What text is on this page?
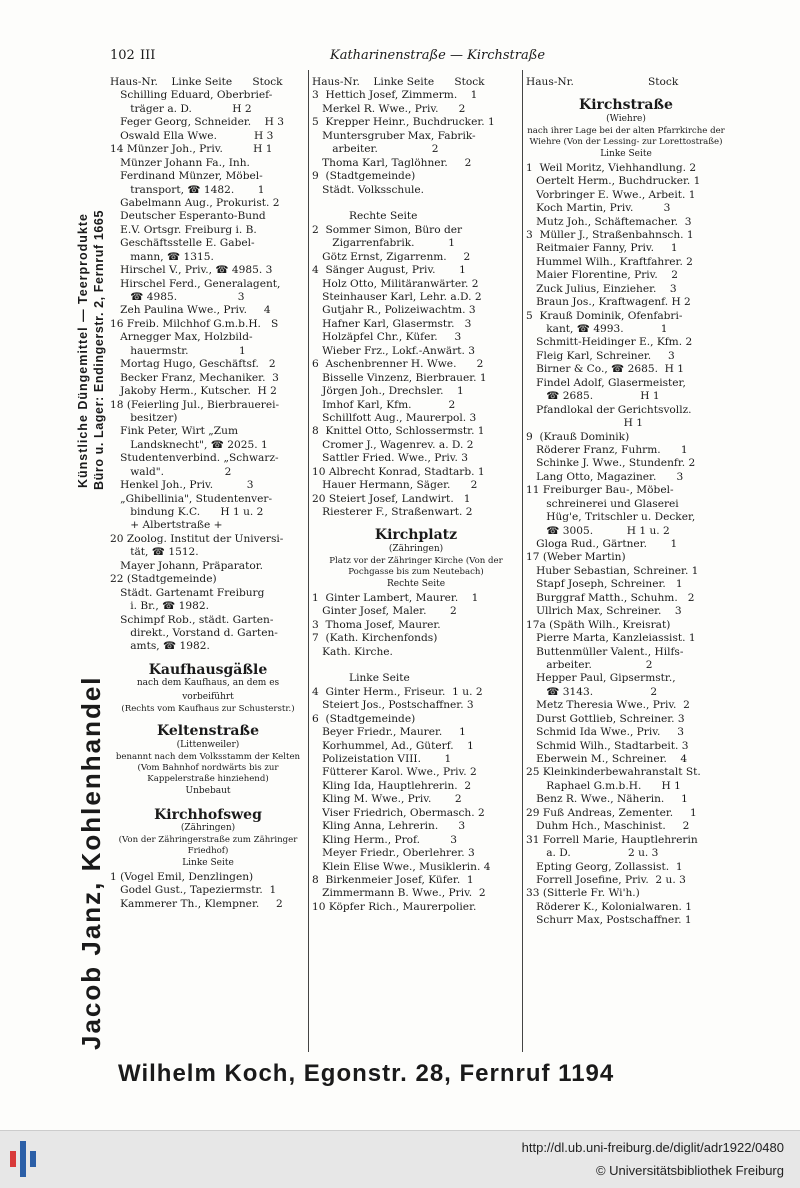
102 III	Katharinenstraße — Kirchstraße
Jacob Janz, Kohlenhandel
Künstliche Düngemittel — Teerprodukte Büro u. Lager: Endingerstr. 2, Fernruf 1665
Haus-Nr.    Linke Seite      Stock
Schilling Eduard, Oberbrief-
träger a. D.            H 2
Feger Georg, Schneider.    H 3
Oswald Ella Wwe.           H 3
14 Münzer Joh., Priv.         H 1
Münzer Johann Fa., Inh.
Ferdinand Münzer, Möbel-
transport, ☎ 1482.       1
Gabelmann Aug., Prokurist. 2
Deutscher Esperanto-Bund
E.V. Ortsgr. Freiburg i. B.
Geschäftsstelle E. Gabel-
mann, ☎ 1315.
Hirschel V., Priv., ☎ 4985. 3
Hirschel Ferd., Generalagent,
☎ 4985.                  3
Zeh Paulina Wwe., Priv.     4
16 Freib. Milchhof G.m.b.H.   S
Arnegger Max, Holzbild-
hauermstr.               1
Mortag Hugo, Geschäftsf.   2
Becker Franz, Mechaniker.  3
Jakoby Herm., Kutscher.  H 2
18 (Feierling Jul., Bierbrauerei-
besitzer)
Fink Peter, Wirt „Zum
Landsknecht", ☎ 2025. 1
Studentenverbind. „Schwarz-
wald".                  2
Henkel Joh., Priv.          3
„Ghibellinia", Studentenver-
bindung K.C.      H 1 u. 2
+ Albertstraße +
20 Zoolog. Institut der Universi-
tät, ☎ 1512.
Mayer Johann, Präparator.
22 (Stadtgemeinde)
Städt. Gartenamt Freiburg
i. Br., ☎ 1982.
Schimpf Rob., städt. Garten-
direkt., Vorstand d. Garten-
amts, ☎ 1982.
Kaufhausgäßle
nach dem Kaufhaus, an dem es vorbeiführt
(Rechts vom Kaufhaus zur Schusterstr.)
Keltenstraße
(Littenweiler)
benannt nach dem Volksstamm der Kelten (Vom Bahnhof nordwärts bis zur Kappelerstraße hinziehend)
Unbebaut
Kirchhofsweg
(Zähringen)
(Von der Zähringerstraße zum Zähringer Friedhof)
Linke Seite
1 (Vogel Emil, Denzlingen)
Godel Gust., Tapeziermstr.  1
Kammerer Th., Klempner.     2
Haus-Nr.    Linke Seite      Stock
3  Hettich Josef, Zimmerm.    1
Merkel R. Wwe., Priv.      2
5  Krepper Heinr., Buchdrucker. 1
Muntersgruber Max, Fabrik-
arbeiter.                2
Thoma Karl, Taglöhner.     2
9  (Stadtgemeinde)
Städt. Volksschule.
Rechte Seite
2  Sommer Simon, Büro der
Zigarrenfabrik.          1
Götz Ernst, Zigarrenm.     2
4  Sänger August, Priv.       1
Holz Otto, Militäranwärter. 2
Steinhauser Karl, Lehr. a.D. 2
Gutjahr R., Polizeiwachtm. 3
Hafner Karl, Glasermstr.   3
Holzäpfel Chr., Küfer.     3
Wieber Frz., Lokf.-Anwärt. 3
6  Aschenbrenner H. Wwe.      2
Bisselle Vinzenz, Bierbrauer. 1
Jörgen Joh., Drechsler.    1
Imhof Karl, Kfm.           2
Schillfott Aug., Maurerpol. 3
8  Knittel Otto, Schlossermstr. 1
Cromer J., Wagenrev. a. D. 2
Sattler Fried. Wwe., Priv. 3
10 Albrecht Konrad, Stadtarb. 1
Hauer Hermann, Säger.      2
20 Steiert Josef, Landwirt.   1
Riesterer F., Straßenwart. 2
Kirchplatz
(Zähringen)
Platz vor der Zähringer Kirche (Von der Pochgasse bis zum Neutebach)
Rechte Seite
1  Ginter Lambert, Maurer.    1
Ginter Josef, Maler.       2
3  Thoma Josef, Maurer.
7  (Kath. Kirchenfonds)
Kath. Kirche.
Linke Seite
4  Ginter Herm., Friseur.  1 u. 2
Steiert Jos., Postschaffner. 3
6  (Stadtgemeinde)
Beyer Friedr., Maurer.     1
Korhummel, Ad., Güterf.    1
Polizeistation VIII.       1
Fütterer Karol. Wwe., Priv. 2
Kling Ida, Hauptlehrerin.  2
Kling M. Wwe., Priv.       2
Viser Friedrich, Obermasch. 2
Kling Anna, Lehrerin.      3
Kling Herm., Prof.         3
Meyer Friedr., Oberlehrer. 3
Klein Elise Wwe., Musiklerin. 4
8  Birkenmeier Josef, Küfer.  1
Zimmermann B. Wwe., Priv.  2
10 Köpfer Rich., Maurerpolier.
Haus-Nr.                      Stock
Kirchstraße
(Wiehre)
nach ihrer Lage bei der alten Pfarrkirche der Wiehre (Von der Lessing- zur Lorettostraße)
Linke Seite
1  Weil Moritz, Viehhandlung. 2
Oertelt Herm., Buchdrucker. 1
Vorbringer E. Wwe., Arbeit. 1
Koch Martin, Priv.         3
Mutz Joh., Schäftemacher.  3
3  Müller J., Straßenbahnsch. 1
Reitmaier Fanny, Priv.     1
Hummel Wilh., Kraftfahrer. 2
Maier Florentine, Priv.    2
Zuck Julius, Einzieher.    3
Braun Jos., Kraftwagenf. H 2
5  Krauß Dominik, Ofenfabri-
kant, ☎ 4993.           1
Schmitt-Heidinger E., Kfm. 2
Fleig Karl, Schreiner.     3
Birner & Co., ☎ 2685.  H 1
Findel Adolf, Glasermeister,
☎ 2685.              H 1
Pfandlokal der Gerichtsvollz.
H 1
9  (Krauß Dominik)
Röderer Franz, Fuhrm.      1
Schinke J. Wwe., Stundenfr. 2
Lang Otto, Magaziner.      3
11 Freiburger Bau-, Möbel-
schreinerei und Glaserei
Hüg'e, Tritschler u. Decker,
☎ 3005.          H 1 u. 2
Gloga Rud., Gärtner.       1
17 (Weber Martin)
Huber Sebastian, Schreiner. 1
Stapf Joseph, Schreiner.   1
Burggraf Matth., Schuhm.   2
Ullrich Max, Schreiner.    3
17a (Späth Wilh., Kreisrat)
Pierre Marta, Kanzleiassist. 1
Buttenmüller Valent., Hilfs-
arbeiter.                2
Hepper Paul, Gipsermstr.,
☎ 3143.                 2
Metz Theresia Wwe., Priv.  2
Durst Gottlieb, Schreiner. 3
Schmid Ida Wwe., Priv.     3
Schmid Wilh., Stadtarbeit. 3
Eberwein M., Schreiner.    4
25 Kleinkinderbewahranstalt St.
Raphael G.m.b.H.      H 1
Benz R. Wwe., Näherin.     1
29 Fuß Andreas, Zementer.     1
Duhm Hch., Maschinist.     2
31 Forrell Marie, Hauptlehrerin
a. D.                 2 u. 3
Epting Georg, Zollassist.  1
Forrell Josefine, Priv.  2 u. 3
33 (Sitterle Fr. Wi'h.)
Röderer K., Kolonialwaren. 1
Schurr Max, Postschaffner. 1
Wilhelm Koch, Egonstr. 28, Fernruf 1194
http://dl.ub.uni-freiburg.de/diglit/adr1922/0480
© Universitätsbibliothek Freiburg
